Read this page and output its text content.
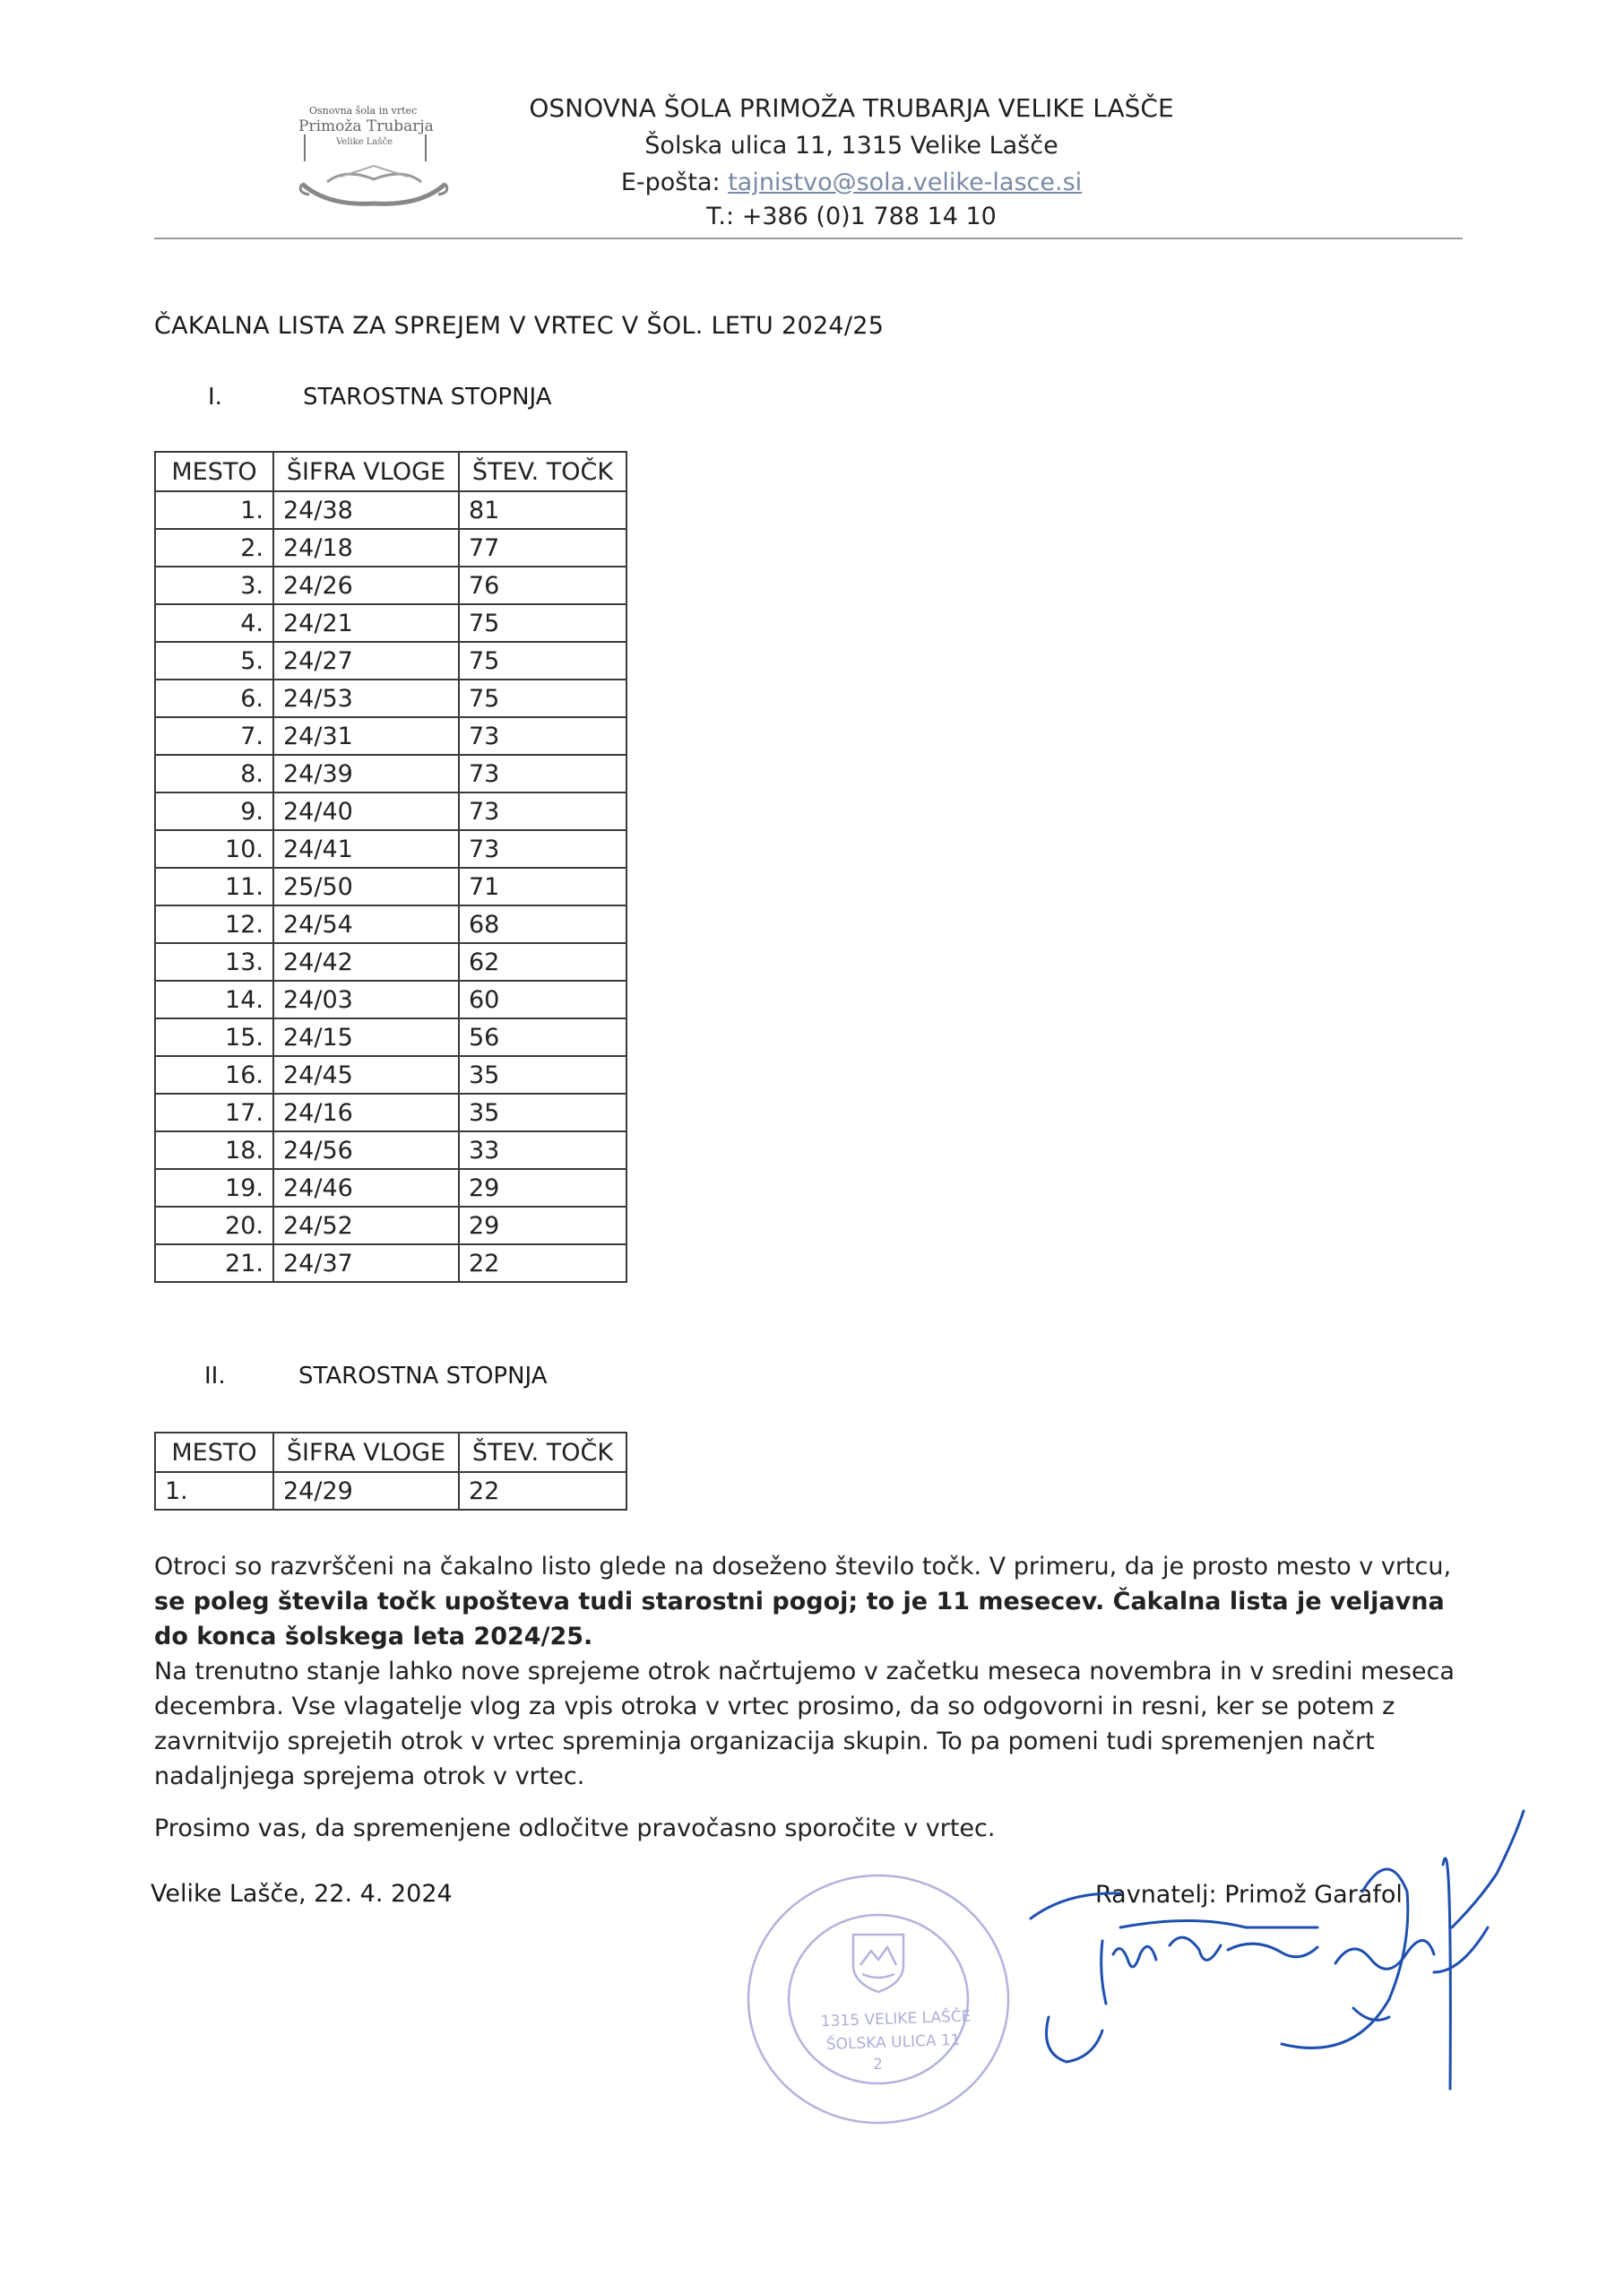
Osnovna šola in vrtec
Primoža Trubarja
Velike Lašče
OSNOVNA ŠOLA PRIMOŽA TRUBARJA VELIKE LAŠČE
Šolska ulica 11, 1315 Velike Lašče
E-pošta: tajnistvo@sola.velike-lasce.si
T.: +386 (0)1 788 14 10
ČAKALNA LISTA ZA SPREJEM V VRTEC V ŠOL. LETU 2024/25
I.	STAROSTNA STOPNJA
MESTO	ŠIFRA VLOGE	ŠTEV. TOČK
1.	24/38	81
2.	24/18	77
3.	24/26	76
4.	24/21	75
5.	24/27	75
6.	24/53	75
7.	24/31	73
8.	24/39	73
9.	24/40	73
10.	24/41	73
11.	25/50	71
12.	24/54	68
13.	24/42	62
14.	24/03	60
15.	24/15	56
16.	24/45	35
17.	24/16	35
18.	24/56	33
19.	24/46	29
20.	24/52	29
21.	24/37	22
II.	STAROSTNA STOPNJA
MESTO	ŠIFRA VLOGE	ŠTEV. TOČK
1.	24/29	22
Otroci so razvrščeni na čakalno listo glede na doseženo število točk. V primeru, da je prosto mesto v vrtcu, se poleg števila točk upošteva tudi starostni pogoj; to je 11 mesecev. Čakalna lista je veljavna do konca šolskega leta 2024/25.
Na trenutno stanje lahko nove sprejeme otrok načrtujemo v začetku meseca novembra in v sredini meseca decembra. Vse vlagatelje vlog za vpis otroka v vrtec prosimo, da so odgovorni in resni, ker se potem z zavrnitvijo sprejetih otrok v vrtec spreminja organizacija skupin. To pa pomeni tudi spremenjen načrt nadaljnjega sprejema otrok v vrtec.
Prosimo vas, da spremenjene odločitve pravočasno sporočite v vrtec.
Velike Lašče, 22. 4. 2024
1315 VELIKE LAŠČE
ŠOLSKA ULICA 11
2
Ravnatelj: Primož Garafol
